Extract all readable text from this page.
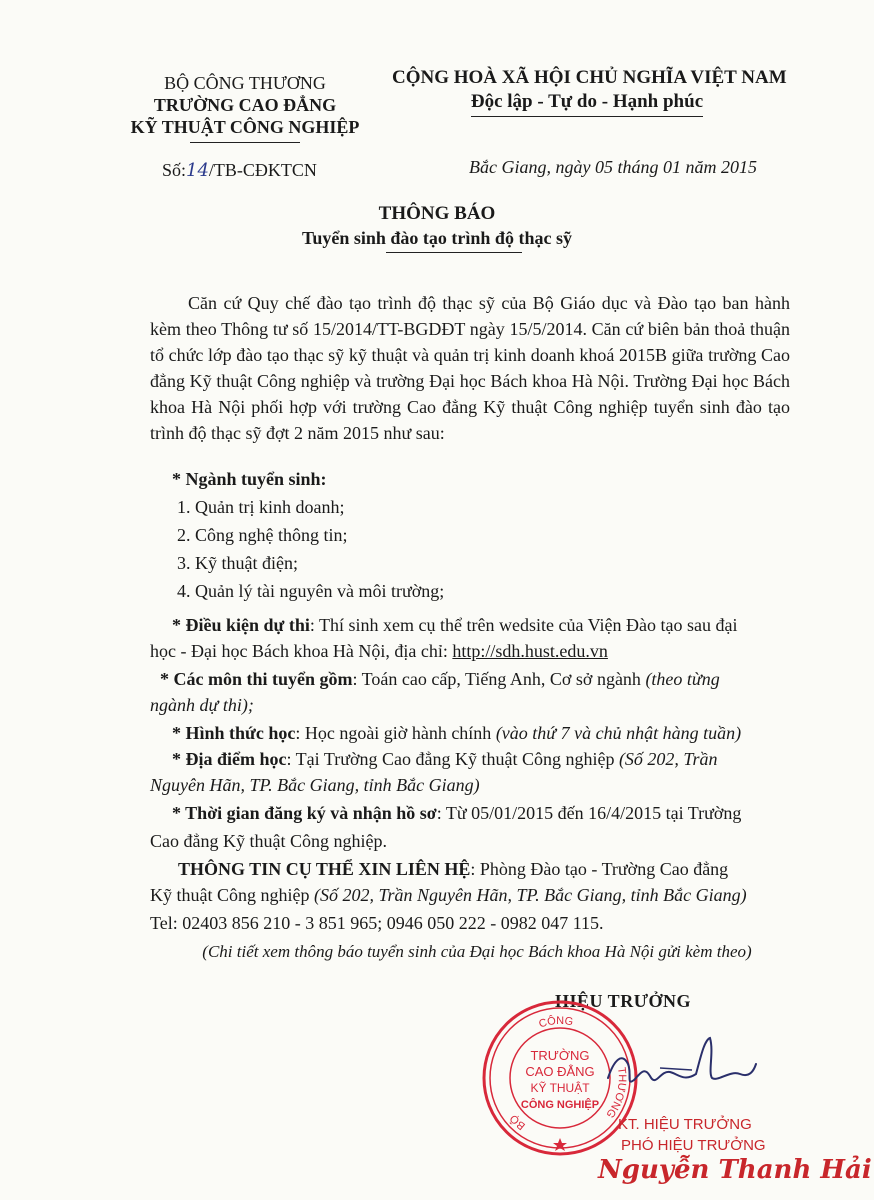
BỘ CÔNG THƯƠNG
TRƯỜNG CAO ĐẲNG
KỸ THUẬT CÔNG NGHIỆP
CỘNG HOÀ XÃ HỘI CHỦ NGHĨA VIỆT NAM
Độc lập - Tự do - Hạnh phúc
Số:14/TB-CĐKTCN	Bắc Giang, ngày 05 tháng 01 năm 2015
THÔNG BÁO
Tuyển sinh đào tạo trình độ thạc sỹ
Căn cứ Quy chế đào tạo trình độ thạc sỹ của Bộ Giáo dục và Đào tạo ban hành kèm theo Thông tư số 15/2014/TT-BGDĐT ngày 15/5/2014. Căn cứ biên bản thoả thuận tổ chức lớp đào tạo thạc sỹ kỹ thuật và quản trị kinh doanh khoá 2015B giữa trường Cao đẳng Kỹ thuật Công nghiệp và trường Đại học Bách khoa Hà Nội. Trường Đại học Bách khoa Hà Nội phối hợp với trường Cao đẳng Kỹ thuật Công nghiệp tuyển sinh đào tạo trình độ thạc sỹ đợt 2 năm 2015 như sau:
* Ngành tuyển sinh:
1. Quản trị kinh doanh;
2. Công nghệ thông tin;
3. Kỹ thuật điện;
4. Quản lý tài nguyên và môi trường;
* Điều kiện dự thi: Thí sinh xem cụ thể trên wedsite của Viện Đào tạo sau đại
học - Đại học Bách khoa Hà Nội, địa chỉ: http://sdh.hust.edu.vn
* Các môn thi tuyển gồm: Toán cao cấp, Tiếng Anh, Cơ sở ngành (theo từng
ngành dự thi);
* Hình thức học: Học ngoài giờ hành chính (vào thứ 7 và chủ nhật hàng tuần)
* Địa điểm học: Tại Trường Cao đẳng Kỹ thuật Công nghiệp (Số 202, Trần
Nguyên Hãn, TP. Bắc Giang, tỉnh Bắc Giang)
* Thời gian đăng ký và nhận hồ sơ: Từ 05/01/2015 đến 16/4/2015 tại Trường
Cao đẳng Kỹ thuật Công nghiệp.
THÔNG TIN CỤ THỂ XIN LIÊN HỆ: Phòng Đào tạo - Trường Cao đẳng
Kỹ thuật Công nghiệp (Số 202, Trần Nguyên Hãn, TP. Bắc Giang, tỉnh Bắc Giang)
Tel: 02403 856 210 - 3 851 965; 0946 050 222 - 0982 047 115.
(Chi tiết xem thông báo tuyển sinh của Đại học Bách khoa Hà Nội gửi kèm theo)
HIỆU TRƯỞNG
CÔNG
BỘ
THƯƠNG
TRƯỜNG
CAO ĐẲNG
KỸ THUẬT
CÔNG NGHIỆP
KT. HIỆU TRƯỞNG
PHÓ HIỆU TRƯỞNG
Nguyễn Thanh Hải
